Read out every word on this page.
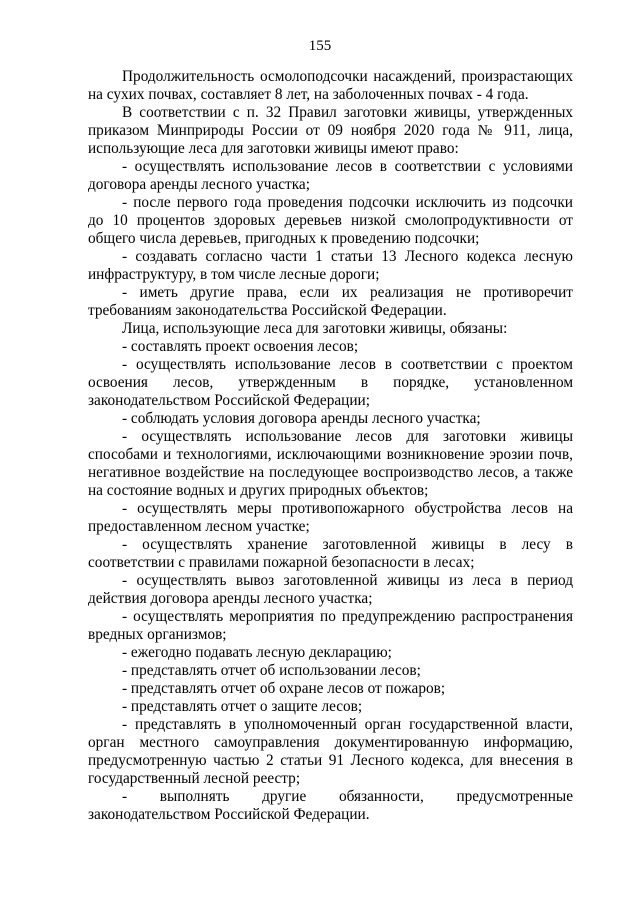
155

Продолжительность осмолоподсочки насаждений, произрастающих на сухих почвах, составляет 8 лет, на заболоченных почвах - 4 года.

В соответствии с п. 32 Правил заготовки живицы, утвержденных приказом Минприроды России от 09 ноября 2020 года № 911, лица, использующие леса для заготовки живицы имеют право:

- осуществлять использование лесов в соответствии с условиями договора аренды лесного участка;

- после первого года проведения подсочки исключить из подсочки до 10 процентов здоровых деревьев низкой смолопродуктивности от общего числа деревьев, пригодных к проведению подсочки;

- создавать согласно части 1 статьи 13 Лесного кодекса лесную инфраструктуру, в том числе лесные дороги;

- иметь другие права, если их реализация не противоречит требованиям законодательства Российской Федерации.

Лица, использующие леса для заготовки живицы, обязаны:

- составлять проект освоения лесов;

- осуществлять использование лесов в соответствии с проектом освоения лесов, утвержденным в порядке, установленном законодательством Российской Федерации;

- соблюдать условия договора аренды лесного участка;

- осуществлять использование лесов для заготовки живицы способами и технологиями, исключающими возникновение эрозии почв, негативное воздействие на последующее воспроизводство лесов, а также на состояние водных и других природных объектов;

- осуществлять меры противопожарного обустройства лесов на предоставленном лесном участке;

- осуществлять хранение заготовленной живицы в лесу в соответствии с правилами пожарной безопасности в лесах;

- осуществлять вывоз заготовленной живицы из леса в период действия договора аренды лесного участка;

- осуществлять мероприятия по предупреждению распространения вредных организмов;

- ежегодно подавать лесную декларацию;

- представлять отчет об использовании лесов;

- представлять отчет об охране лесов от пожаров;

- представлять отчет о защите лесов;

- представлять в уполномоченный орган государственной власти, орган местного самоуправления документированную информацию, предусмотренную частью 2 статьи 91 Лесного кодекса, для внесения в государственный лесной реестр;

- выполнять другие обязанности, предусмотренные законодательством Российской Федерации.
